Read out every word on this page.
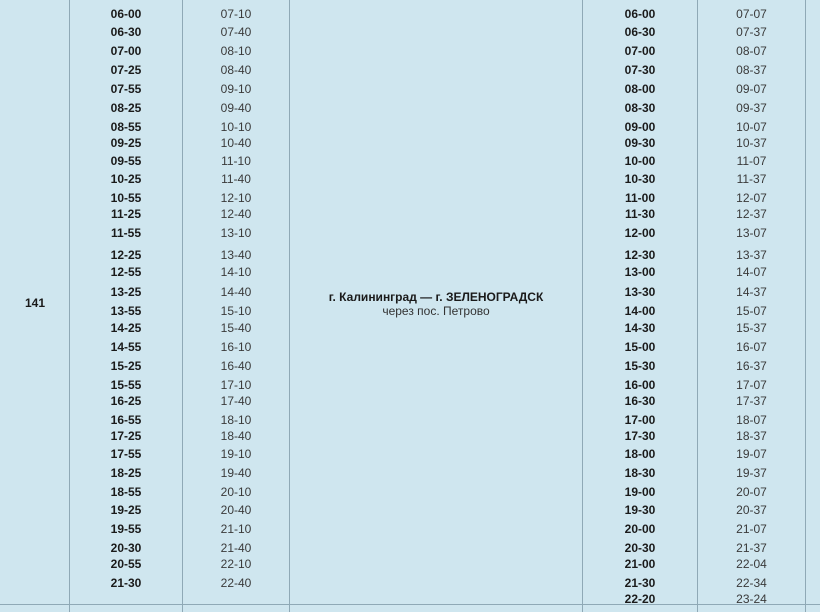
141
06-00
06-30
07-00
07-25
07-55
08-25
08-55
09-25
09-55
10-25
10-55
11-25
11-55
12-25
12-55
13-25
13-55
14-25
14-55
15-25
15-55
16-25
16-55
17-25
17-55
18-25
18-55
19-25
19-55
20-30
20-55
21-30
07-10
07-40
08-10
08-40
09-10
09-40
10-10
10-40
11-10
11-40
12-10
12-40
13-10
13-40
14-10
14-40
15-10
15-40
16-10
16-40
17-10
17-40
18-10
18-40
19-10
19-40
20-10
20-40
21-10
21-40
22-10
22-40
г. Калининград — г. ЗЕЛЕНОГРАДСК
через пос. Петрово
06-00
06-30
07-00
07-30
08-00
08-30
09-00
09-30
10-00
10-30
11-00
11-30
12-00
12-30
13-00
13-30
14-00
14-30
15-00
15-30
16-00
16-30
17-00
17-30
18-00
18-30
19-00
19-30
20-00
20-30
21-00
21-30
22-20
07-07
07-37
08-07
08-37
09-07
09-37
10-07
10-37
11-07
11-37
12-07
12-37
13-07
13-37
14-07
14-37
15-07
15-37
16-07
16-37
17-07
17-37
18-07
18-37
19-07
19-37
20-07
20-37
21-07
21-37
22-04
22-34
23-24
